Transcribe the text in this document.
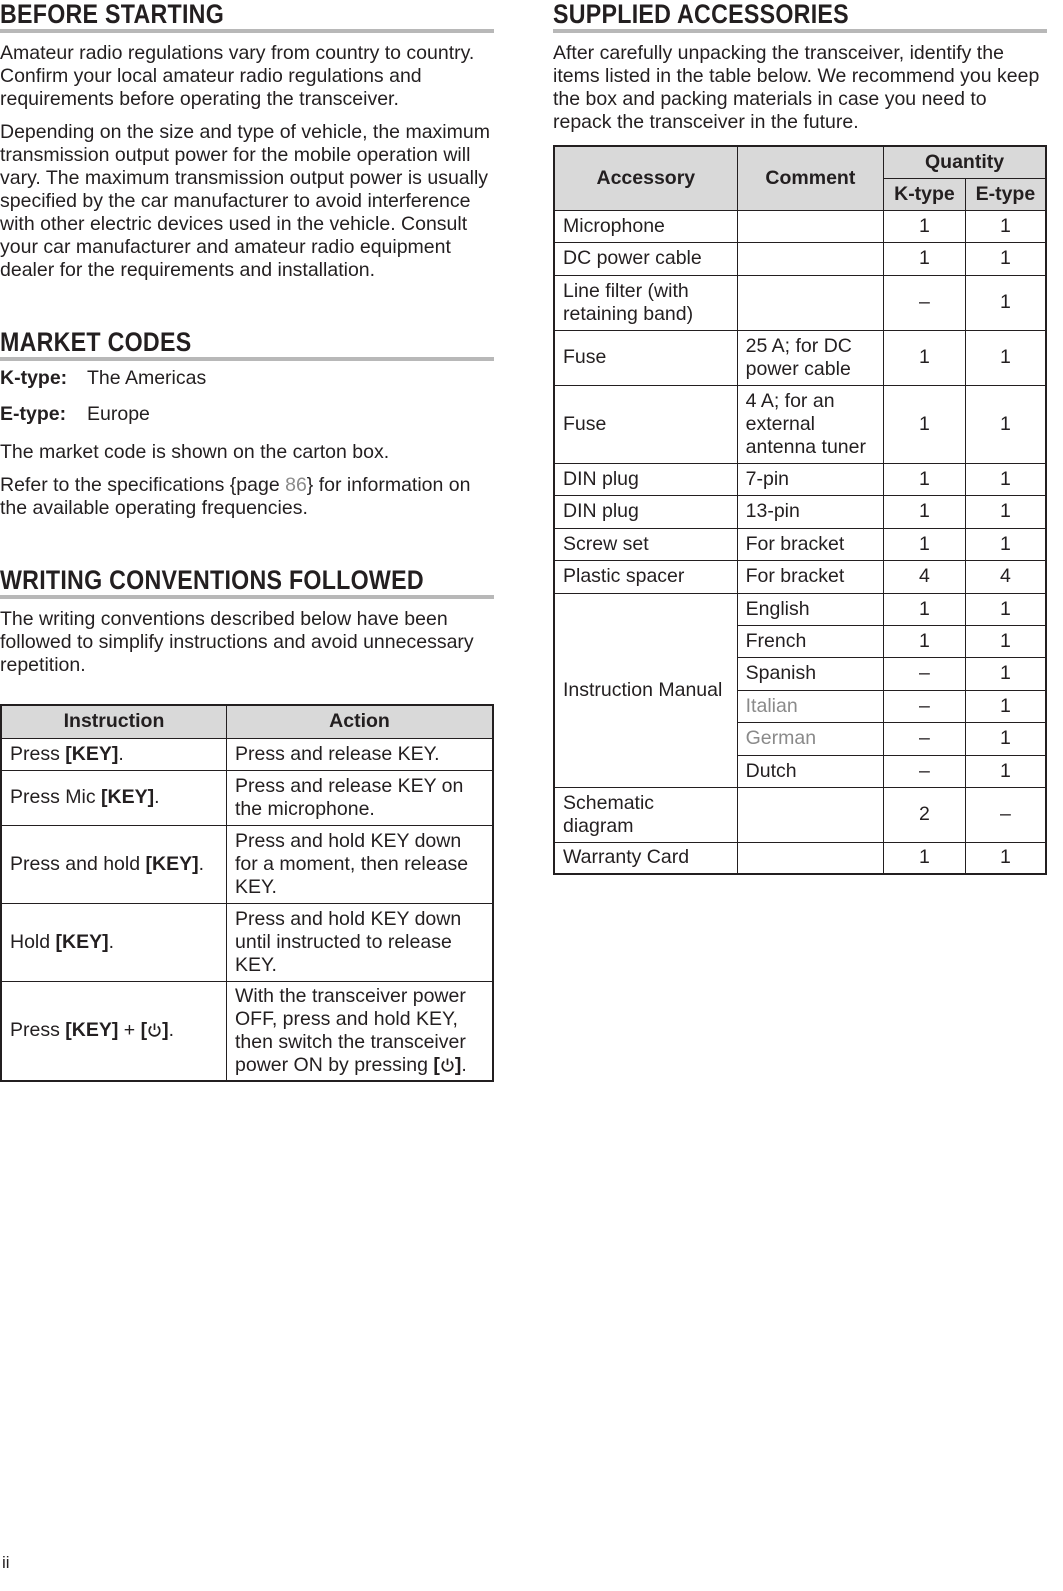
BEFORE STARTING

Amateur radio regulations vary from country to country. Confirm your local amateur radio regulations and requirements before operating the transceiver.

Depending on the size and type of vehicle, the maximum transmission output power for the mobile operation will vary. The maximum transmission output power is usually specified by the car manufacturer to avoid interference with other electric devices used in the vehicle. Consult your car manufacturer and amateur radio equipment dealer for the requirements and installation.

MARKET CODES
K-type:	The Americas
E-type:	Europe

The market code is shown on the carton box.

Refer to the specifications {page 86} for information on the available operating frequencies.

WRITING CONVENTIONS FOLLOWED

The writing conventions described below have been followed to simplify instructions and avoid unnecessary repetition.

Instruction	Action
Press [KEY].	Press and release KEY.
Press Mic [KEY].	Press and release KEY on the microphone.
Press and hold [KEY].	Press and hold KEY down for a moment, then release KEY.
Hold [KEY].	Press and hold KEY down until instructed to release KEY.
Press [KEY] + [ ].	With the transceiver power OFF, press and hold KEY, then switch the transceiver power ON by pressing [ ].
SUPPLIED ACCESSORIES

After carefully unpacking the transceiver, identify the items listed in the table below. We recommend you keep the box and packing materials in case you need to repack the transceiver in the future.

Accessory	Comment	Quantity	
		K-type	E-type
Microphone		1	1
DC power cable		1	1
Line filter (with retaining band)		–	1
Fuse	25 A; for DC power cable	1	1
Fuse	4 A; for an external antenna tuner	1	1
DIN plug	7-pin	1	1
DIN plug	13-pin	1	1
Screw set	For bracket	1	1
Plastic spacer	For bracket	4	4
Instruction Manual	English	1	1
	French	1	1
	Spanish	–	1
	Italian	–	1
	German	–	1
	Dutch	–	1
Schematic diagram		2	–
Warranty Card		1	1
ii
